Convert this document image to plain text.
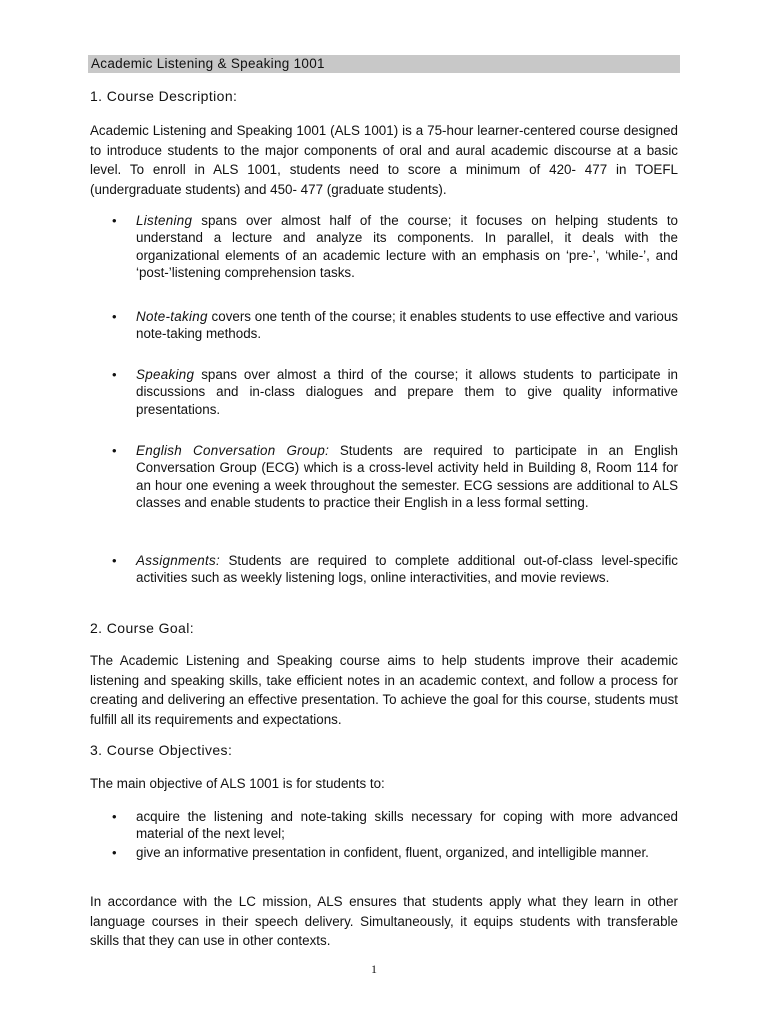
Academic Listening & Speaking 1001
1. Course Description:
Academic Listening and Speaking 1001 (ALS 1001) is a 75-hour learner-centered course designed to introduce students to the major components of oral and aural academic discourse at a basic level. To enroll in ALS 1001, students need to score a minimum of 420- 477 in TOEFL (undergraduate students) and 450- 477 (graduate students).
• Listening spans over almost half of the course; it focuses on helping students to understand a lecture and analyze its components. In parallel, it deals with the organizational elements of an academic lecture with an emphasis on ‘pre-’, ‘while-’, and ‘post-’listening comprehension tasks.
• Note-taking covers one tenth of the course; it enables students to use effective and various note-taking methods.
• Speaking spans over almost a third of the course; it allows students to participate in discussions and in-class dialogues and prepare them to give quality informative presentations.
• English Conversation Group: Students are required to participate in an English Conversation Group (ECG) which is a cross-level activity held in Building 8, Room 114 for an hour one evening a week throughout the semester. ECG sessions are additional to ALS classes and enable students to practice their English in a less formal setting.
• Assignments: Students are required to complete additional out-of-class level-specific activities such as weekly listening logs, online interactivities, and movie reviews.
2. Course Goal:
The Academic Listening and Speaking course aims to help students improve their academic listening and speaking skills, take efficient notes in an academic context, and follow a process for creating and delivering an effective presentation. To achieve the goal for this course, students must fulfill all its requirements and expectations.
3. Course Objectives:
The main objective of ALS 1001 is for students to:
• acquire the listening and note-taking skills necessary for coping with more advanced material of the next level;
• give an informative presentation in confident, fluent, organized, and intelligible manner.
In accordance with the LC mission, ALS ensures that students apply what they learn in other language courses in their speech delivery. Simultaneously, it equips students with transferable skills that they can use in other contexts.
1
